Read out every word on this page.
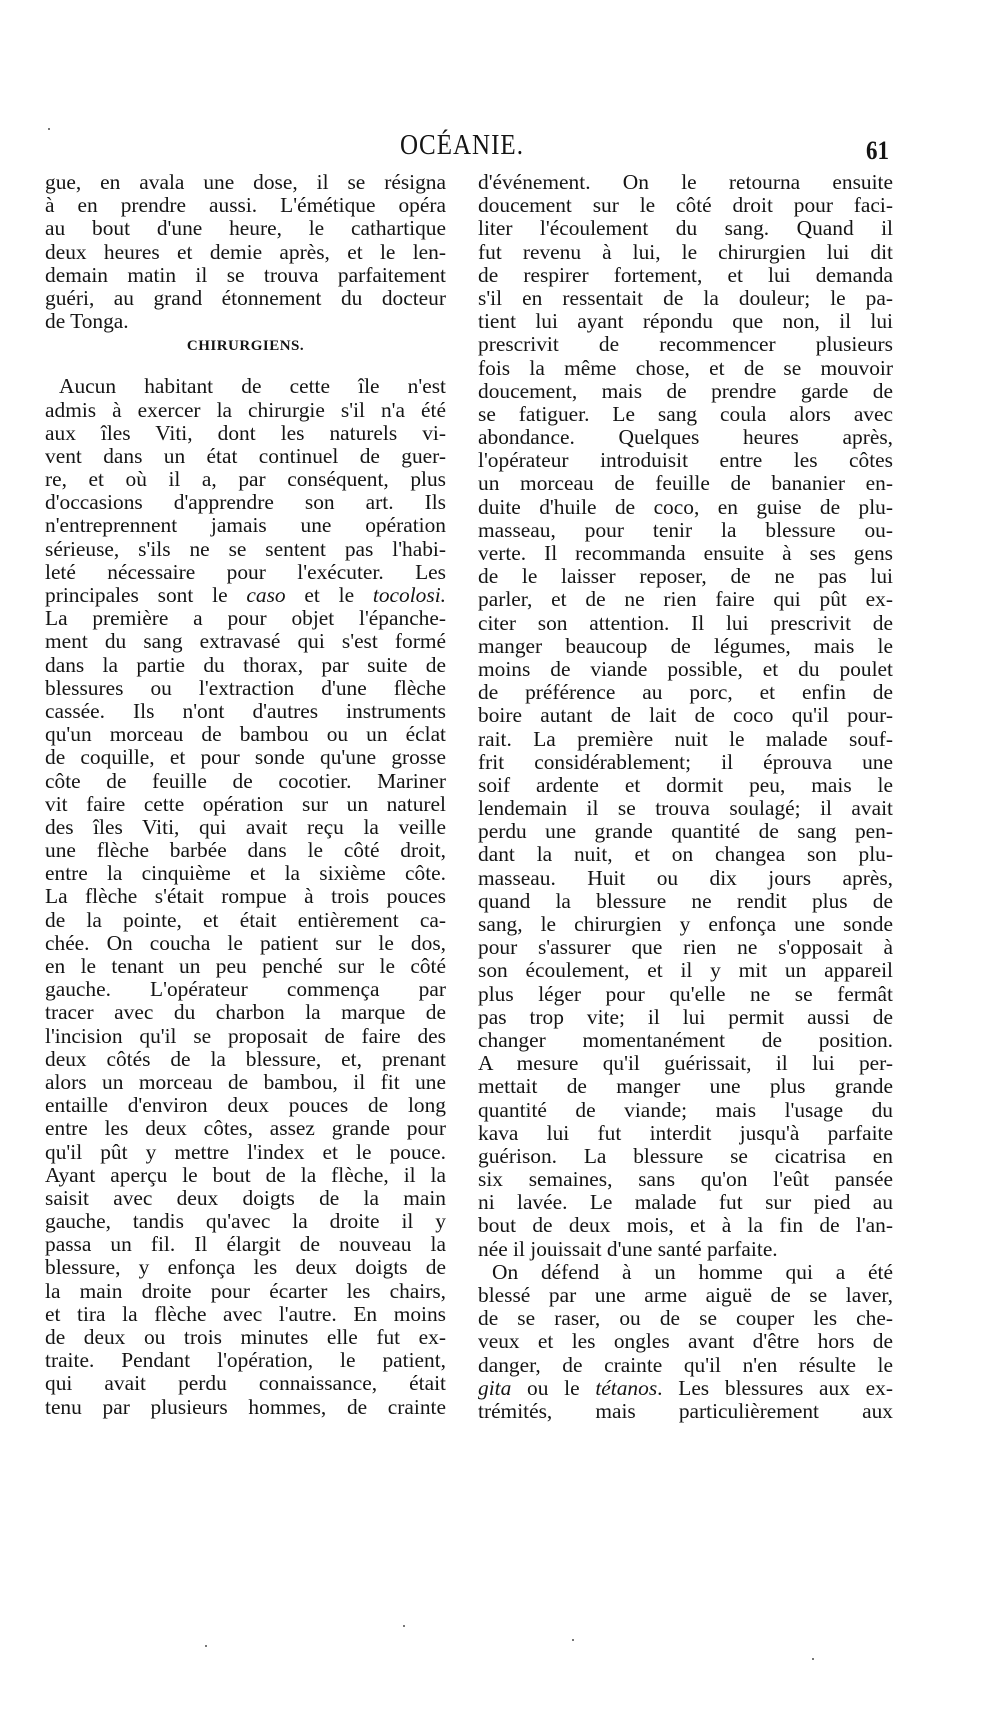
OCÉANIE.	61
gue, en avala une dose, il se résigna
à en prendre aussi. L'émétique opéra
au bout d'une heure, le cathartique
deux heures et demie après, et le len-
demain matin il se trouva parfaitement
guéri, au grand étonnement du docteur
de Tonga.
CHIRURGIENS.
Aucun habitant de cette île n'est
admis à exercer la chirurgie s'il n'a été
aux îles Viti, dont les naturels vi-
vent dans un état continuel de guer-
re, et où il a, par conséquent, plus
d'occasions d'apprendre son art. Ils
n'entreprennent jamais une opération
sérieuse, s'ils ne se sentent pas l'habi-
leté nécessaire pour l'exécuter. Les
principales sont le caso et le tocolosi.
La première a pour objet l'épanche-
ment du sang extravasé qui s'est formé
dans la partie du thorax, par suite de
blessures ou l'extraction d'une flèche
cassée. Ils n'ont d'autres instruments
qu'un morceau de bambou ou un éclat
de coquille, et pour sonde qu'une grosse
côte de feuille de cocotier. Mariner
vit faire cette opération sur un naturel
des îles Viti, qui avait reçu la veille
une flèche barbée dans le côté droit,
entre la cinquième et la sixième côte.
La flèche s'était rompue à trois pouces
de la pointe, et était entièrement ca-
chée. On coucha le patient sur le dos,
en le tenant un peu penché sur le côté
gauche. L'opérateur commença par
tracer avec du charbon la marque de
l'incision qu'il se proposait de faire des
deux côtés de la blessure, et, prenant
alors un morceau de bambou, il fit une
entaille d'environ deux pouces de long
entre les deux côtes, assez grande pour
qu'il pût y mettre l'index et le pouce.
Ayant aperçu le bout de la flèche, il la
saisit avec deux doigts de la main
gauche, tandis qu'avec la droite il y
passa un fil. Il élargit de nouveau la
blessure, y enfonça les deux doigts de
la main droite pour écarter les chairs,
et tira la flèche avec l'autre. En moins
de deux ou trois minutes elle fut ex-
traite. Pendant l'opération, le patient,
qui avait perdu connaissance, était
tenu par plusieurs hommes, de crainte
d'événement. On le retourna ensuite
doucement sur le côté droit pour faci-
liter l'écoulement du sang. Quand il
fut revenu à lui, le chirurgien lui dit
de respirer fortement, et lui demanda
s'il en ressentait de la douleur; le pa-
tient lui ayant répondu que non, il lui
prescrivit de recommencer plusieurs
fois la même chose, et de se mouvoir
doucement, mais de prendre garde de
se fatiguer. Le sang coula alors avec
abondance. Quelques heures après,
l'opérateur introduisit entre les côtes
un morceau de feuille de bananier en-
duite d'huile de coco, en guise de plu-
masseau, pour tenir la blessure ou-
verte. Il recommanda ensuite à ses gens
de le laisser reposer, de ne pas lui
parler, et de ne rien faire qui pût ex-
citer son attention. Il lui prescrivit de
manger beaucoup de légumes, mais le
moins de viande possible, et du poulet
de préférence au porc, et enfin de
boire autant de lait de coco qu'il pour-
rait. La première nuit le malade souf-
frit considérablement; il éprouva une
soif ardente et dormit peu, mais le
lendemain il se trouva soulagé; il avait
perdu une grande quantité de sang pen-
dant la nuit, et on changea son plu-
masseau. Huit ou dix jours après,
quand la blessure ne rendit plus de
sang, le chirurgien y enfonça une sonde
pour s'assurer que rien ne s'opposait à
son écoulement, et il y mit un appareil
plus léger pour qu'elle ne se fermât
pas trop vite; il lui permit aussi de
changer momentanément de position.
A mesure qu'il guérissait, il lui per-
mettait de manger une plus grande
quantité de viande; mais l'usage du
kava lui fut interdit jusqu'à parfaite
guérison. La blessure se cicatrisa en
six semaines, sans qu'on l'eût pansée
ni lavée. Le malade fut sur pied au
bout de deux mois, et à la fin de l'an-
née il jouissait d'une santé parfaite.
On défend à un homme qui a été
blessé par une arme aiguë de se laver,
de se raser, ou de se couper les che-
veux et les ongles avant d'être hors de
danger, de crainte qu'il n'en résulte le
gita ou le tétanos. Les blessures aux ex-
trémités, mais particulièrement aux
